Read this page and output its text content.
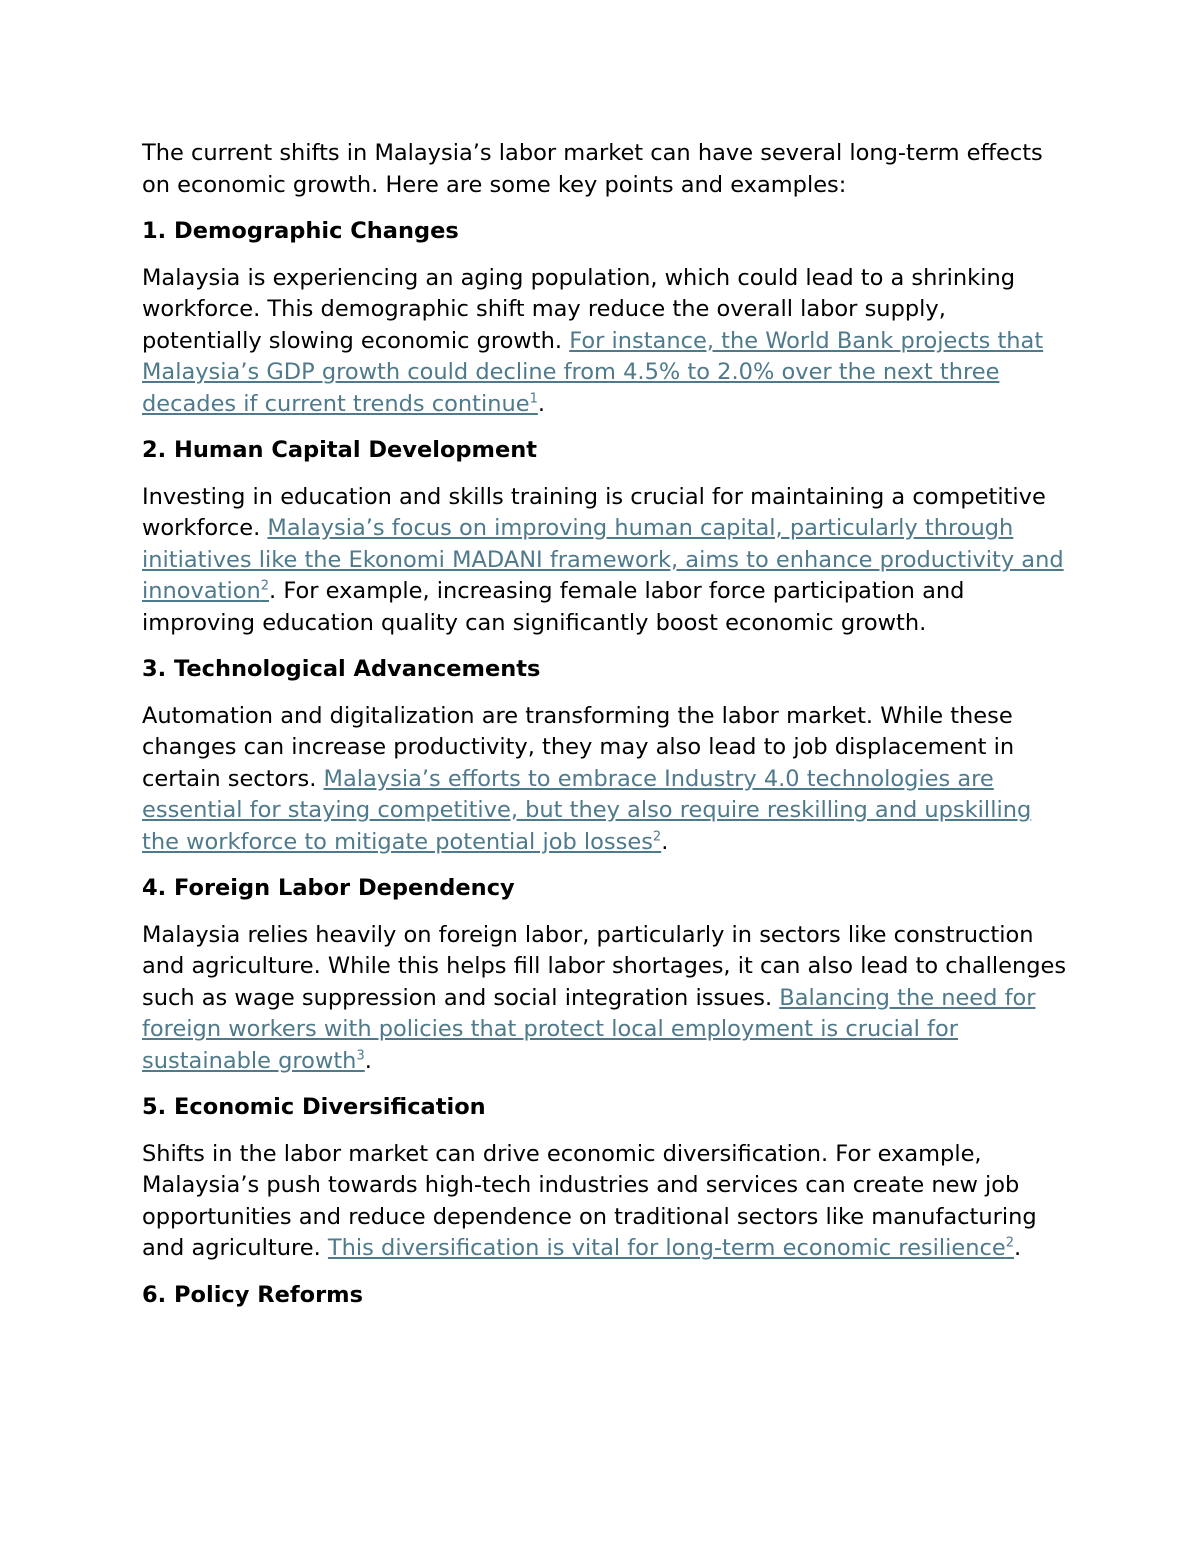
The current shifts in Malaysia’s labor market can have several long-term effects on economic growth. Here are some key points and examples:

1. Demographic Changes

Malaysia is experiencing an aging population, which could lead to a shrinking workforce. This demographic shift may reduce the overall labor supply, potentially slowing economic growth. For instance, the World Bank projects that Malaysia’s GDP growth could decline from 4.5% to 2.0% over the next three decades if current trends continue$^1$.

2. Human Capital Development

Investing in education and skills training is crucial for maintaining a competitive workforce. Malaysia’s focus on improving human capital, particularly through initiatives like the Ekonomi MADANI framework, aims to enhance productivity and innovation$^2$. For example, increasing female labor force participation and improving education quality can significantly boost economic growth.

3. Technological Advancements

Automation and digitalization are transforming the labor market. While these changes can increase productivity, they may also lead to job displacement in certain sectors. Malaysia’s efforts to embrace Industry 4.0 technologies are essential for staying competitive, but they also require reskilling and upskilling the workforce to mitigate potential job losses$^2$.

4. Foreign Labor Dependency

Malaysia relies heavily on foreign labor, particularly in sectors like construction and agriculture. While this helps fill labor shortages, it can also lead to challenges such as wage suppression and social integration issues. Balancing the need for foreign workers with policies that protect local employment is crucial for sustainable growth$^3$.

5. Economic Diversification

Shifts in the labor market can drive economic diversification. For example, Malaysia’s push towards high-tech industries and services can create new job opportunities and reduce dependence on traditional sectors like manufacturing and agriculture. This diversification is vital for long-term economic resilience$^2$.

6. Policy Reforms
